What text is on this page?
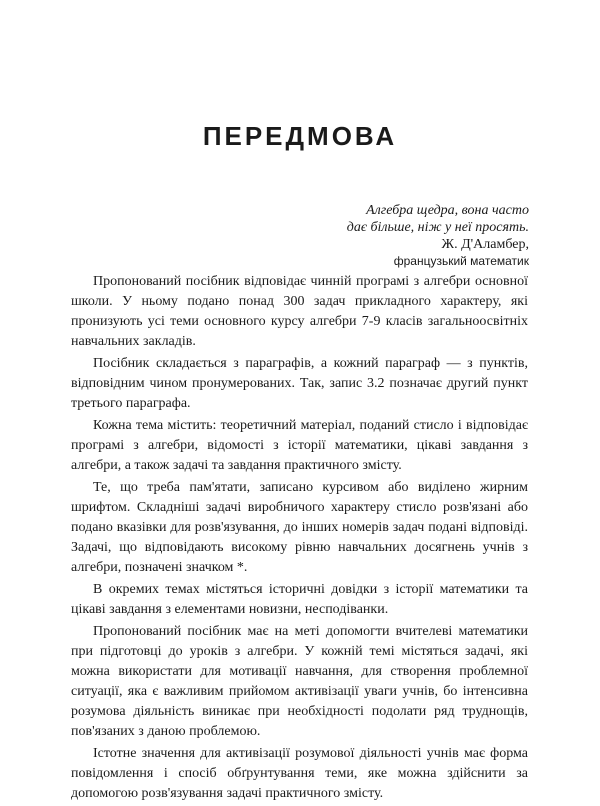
ПЕРЕДМОВА
Алгебра щедра, вона часто
дає більше, ніж у неї просять.
Ж. Д'Аламбер,
французький математик

Пропонований посібник відповідає чинній програмі з алгебри основної школи. У ньому подано понад 300 задач прикладного характеру, які пронизують усі теми основного курсу алгебри 7-9 класів загальноосвітніх навчальних закладів.

Посібник складається з параграфів, а кожний параграф — з пунктів, відповідним чином пронумерованих. Так, запис 3.2 позначає другий пункт третього параграфа.

Кожна тема містить: теоретичний матеріал, поданий стисло і відповідає програмі з алгебри, відомості з історії математики, цікаві завдання з алгебри, а також задачі та завдання практичного змісту.

Те, що треба пам'ятати, записано курсивом або виділено жирним шрифтом. Складніші задачі виробничого характеру стисло розв'язані або подано вказівки для розв'язування, до інших номерів задач подані відповіді. Задачі, що відповідають високому рівню навчальних досягнень учнів з алгебри, позначені значком *.

В окремих темах містяться історичні довідки з історії математики та цікаві завдання з елементами новизни, несподіванки.

Пропонований посібник має на меті допомогти вчителеві математики при підготовці до уроків з алгебри. У кожній темі містяться задачі, які можна використати для мотивації навчання, для створення проблемної ситуації, яка є важливим прийомом активізації уваги учнів, бо інтенсивна розумова діяльність виникає при необхідності подолати ряд труднощів, пов'язаних з даною проблемою.

Істотне значення для активізації розумової діяльності учнів має форма повідомлення і спосіб обґрунтування теми, яке можна здійснити за допомогою розв'язування задачі практичного змісту.
